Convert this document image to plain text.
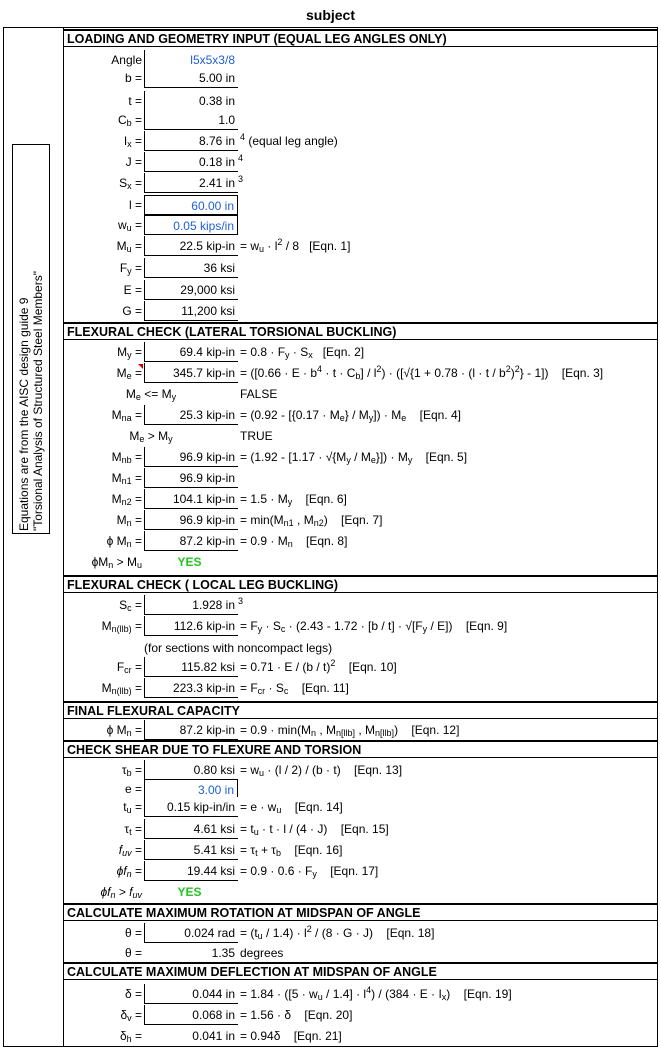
subject
Equations are from the AISC design guide 9 "Torsional Analysis of Structured Steel Members"
LOADING AND GEOMETRY INPUT (EQUAL LEG ANGLES ONLY)
Angle	l5x5x3/8
b =	5.00 in
t =	0.38 in
$C_b$ =	1.0
$I_x$ =	8.76 in $^4$ (equal leg angle)
J =	0.18 in $^4$
$S_x$ =	2.41 in $^3$
l =	60.00 in
$w_u$ =	0.05 kips/in
$M_u$ =	22.5 $kip-in = w_u \cdot l^2 / 8$   [Eqn. 1]
$F_y$ =	36 ksi
E =	29,000 ksi
G =	11,200 ksi
FLEXURAL CHECK (LATERAL TORSIONAL BUCKLING)
$M_y$ =	69.4 $kip-in = 0.8 \cdot F_y \cdot S_x$ [Eqn. 2]
$M_e$ =	345.7 $kip-in = ([0.66 \cdot E \cdot b^4 \cdot t \cdot C_b] / l^2) \cdot ([√\{1 + 0.78 \cdot (l \cdot t / b^2)^2\} - 1])$    [Eqn. 3]
$M_e <= M_y$	FALSE
$M_{na}$ =	25.3 $kip-in = (0.92 - [\{0.17 \cdot M_e\} / M_y]) \cdot M_e$ [Eqn. 4]
$M_e > M_y$	TRUE
$M_{nb}$ =	96.9 $kip-in = (1.92 - [1.17 \cdot √\{M_y / M_e\}]) \cdot M_y$ [Eqn. 5]
$M_{n1}$ =	96.9 kip-in
$M_{n2}$ =	104.1 $kip-in = 1.5 \cdot M_y$ [Eqn. 6]
$M_n$ =	96.9 $kip-in = \min(M_{n1}$ , $M_{n2}$)    [Eqn. 7]
ϕ $M_n$ =	87.2 $kip-in = 0.9 \cdot M_n$ [Eqn. 8]
$\phi M_n > M_u$	YES
FLEXURAL CHECK ( LOCAL LEG BUCKLING)
$S_c$ =	1.928 in $^3$
$M_{n(llb)}$ =	112.6 $kip-in = F_y \cdot S_c \cdot (2.43 - 1.72 \cdot [b / t] \cdot √[F_y / E])$    [Eqn. 9]
(for sections with noncompact legs)
$F_{cr}$ =	115.82 ksi = 0.71 · E / (b / t)$^2$ [Eqn. 10]
$M_{n(llb)}$ =	223.3 $kip-in = F_{cr} \cdot S_c$ [Eqn. 11]
FINAL FLEXURAL CAPACITY
ϕ $M_n$ =	87.2 $kip-in = 0.9 \cdot \min(M_n$ , $M_{n[llb]}$ , $M_{n[llb]}$)    [Eqn. 12]
CHECK SHEAR DUE TO FLEXURE AND TORSION
$\tau_b$ =	0.80 ksi = $w_u \cdot (l / 2) / (b \cdot t)$    [Eqn. 13]
e =	3.00 in
$t_u$ =	0.15 $kip-in/in = e \cdot w_u$ [Eqn. 14]
$\tau_t$ =	4.61 ksi = $t_u \cdot t \cdot l / (4 \cdot J)$    [Eqn. 15]
$f_{uv}$ =	5.41 ksi = $\tau_t + \tau_b$ [Eqn. 16]
$\phi f_n$ =	19.44 ksi = $0.9 \cdot 0.6 \cdot F_y$ [Eqn. 17]
$\phi f_n > f_{uv}$	YES
CALCULATE MAXIMUM ROTATION AT MIDSPAN OF ANGLE
θ =	0.024 rad = $(t_u / 1.4) \cdot l^2 / (8 \cdot G \cdot J)$    [Eqn. 18]
θ =	1.35 degrees
CALCULATE MAXIMUM DEFLECTION AT MIDSPAN OF ANGLE
δ =	0.044 in = $1.84 \cdot ([5 \cdot w_u / 1.4] \cdot l^4) / (384 \cdot E \cdot I_x)$    [Eqn. 19]
$\delta_v$ =	0.068 in = 1.56 · δ    [Eqn. 20]
$\delta_h$ =	0.041 in = 0.94δ    [Eqn. 21]
